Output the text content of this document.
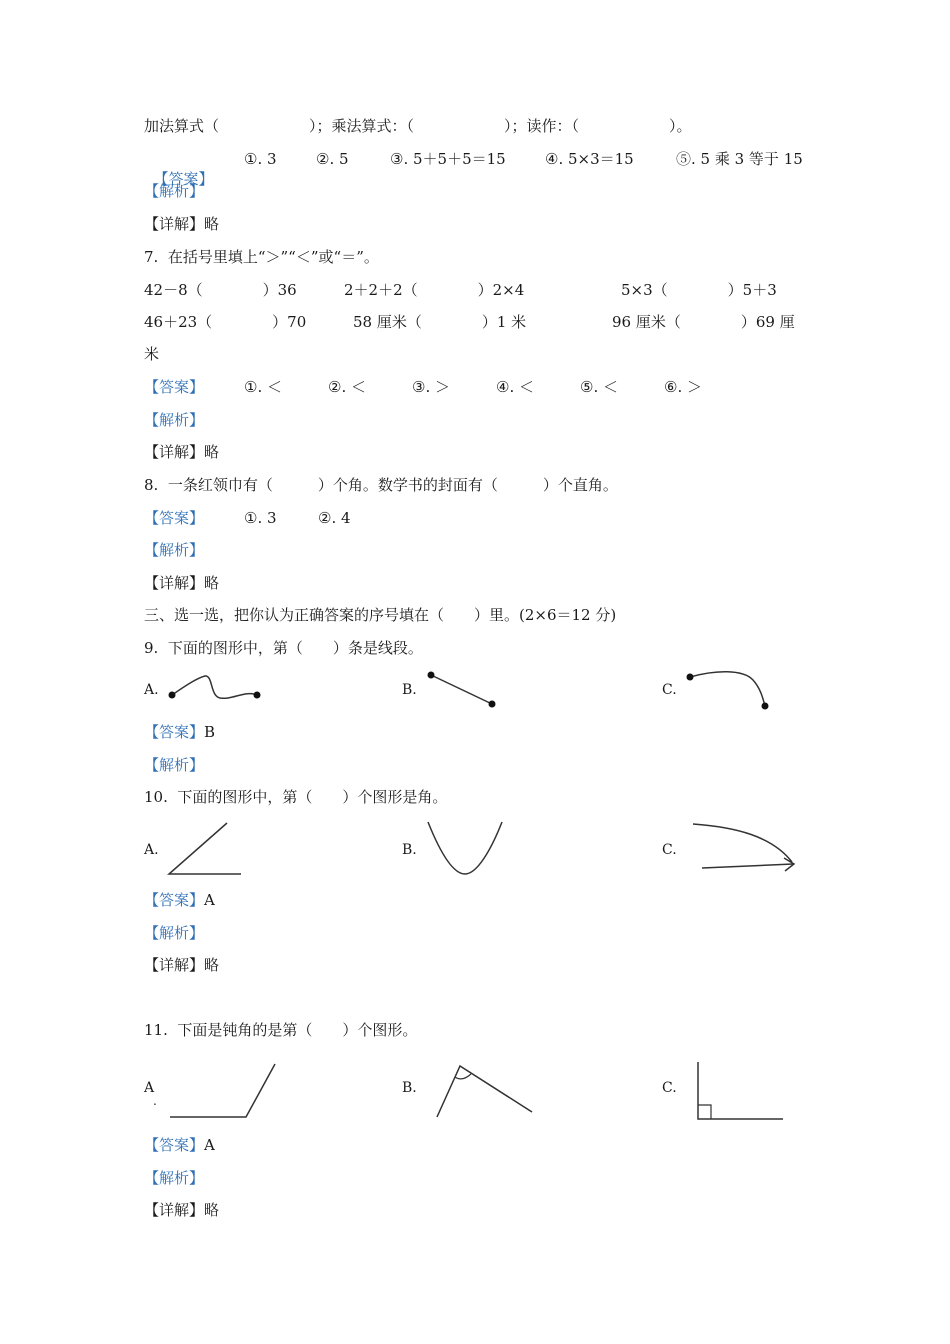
加法算式（　　　　　　）；乘法算式：（　　　　　　）；读作：（　　　　　　）。

【答案】

①. 3	②. 5	③. 5＋5＋5＝15	④. 5×3＝15	⑤. 5 乘 3 等于 15
【解析】
【详解】略
7.  在括号里填上“＞”“＜”或“＝”。
42－8（　　　　）36	2＋2＋2（　　　　）2×4	5×3（　　　　）5＋3
46＋23（　　　　）70	58 厘米（　　　　）1 米	96 厘米（　　　　）69 厘
米
【答案】	①. ＜	②. ＜	③. ＞	④. ＜	⑤. ＜	⑥. ＞
【解析】
【详解】略
8.  一条红领巾有（　　　）个角。数学书的封面有（　　　）个直角。
【答案】	①. 3	②. 4
【解析】
【详解】略
三、选一选，把你认为正确答案的序号填在（　　）里。(2×6＝12 分)
9.  下面的图形中，第（　　）条是线段。
A.	B.	C.
【答案】B
【解析】
10.  下面的图形中，第（　　）个图形是角。
A.	B.	C.
【答案】A
【解析】
【详解】略
11.  下面是钝角的是第（　　）个图形。
A
.
B.	C.
【答案】A
【解析】
【详解】略
